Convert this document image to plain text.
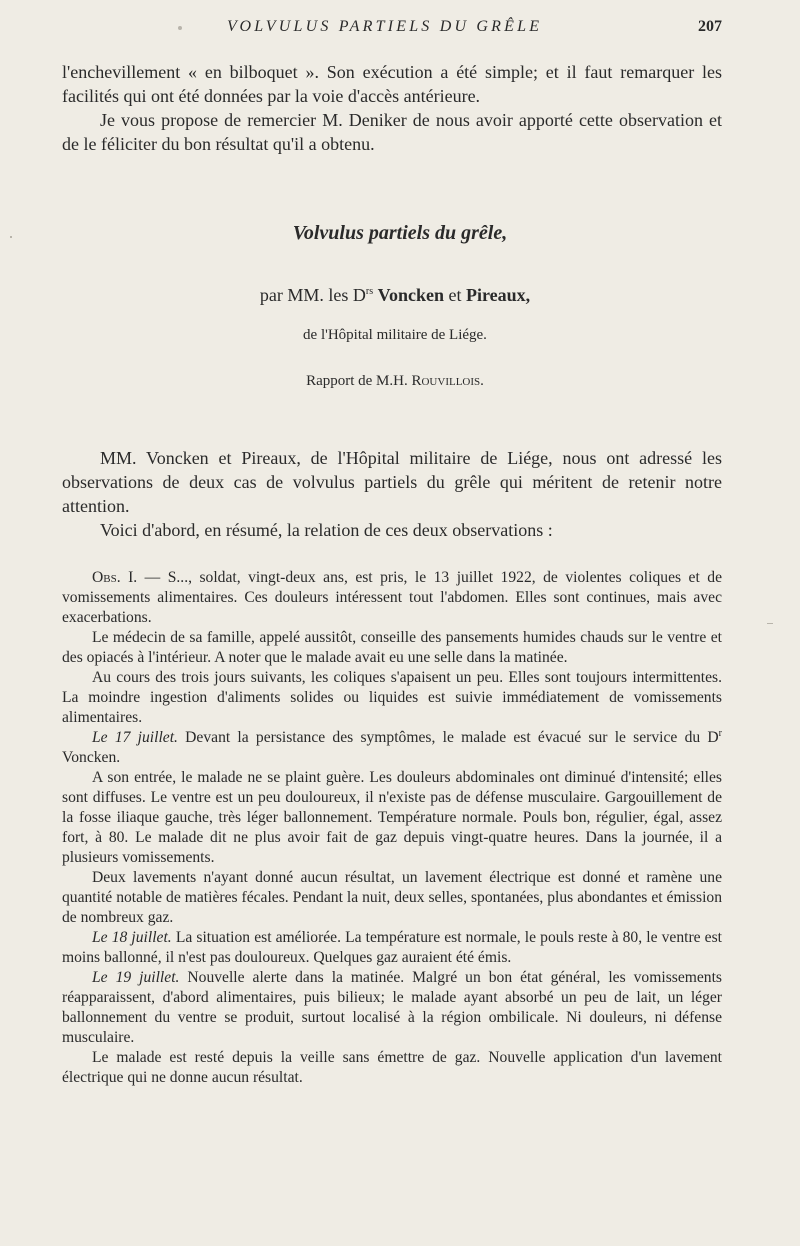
VOLVULUS PARTIELS DU GRÊLE	207

l'enchevillement « en bilboquet ». Son exécution a été simple; et il faut remarquer les facilités qui ont été données par la voie d'accès antérieure.

Je vous propose de remercier M. Deniker de nous avoir apporté cette observation et de le féliciter du bon résultat qu'il a obtenu.

Volvulus partiels du grêle,
par MM. les $D^{rs}$ Voncken et Pireaux,
de l'Hôpital militaire de Liége.
Rapport de M.H. Rouvillois.

MM. Voncken et Pireaux, de l'Hôpital militaire de Liége, nous ont adressé les observations de deux cas de volvulus partiels du grêle qui méritent de retenir notre attention.

Voici d'abord, en résumé, la relation de ces deux observations :

Obs. I. — S..., soldat, vingt-deux ans, est pris, le 13 juillet 1922, de violentes coliques et de vomissements alimentaires. Ces douleurs intéressent tout l'abdomen. Elles sont continues, mais avec exacerbations.

Le médecin de sa famille, appelé aussitôt, conseille des pansements humides chauds sur le ventre et des opiacés à l'intérieur. A noter que le malade avait eu une selle dans la matinée.

Au cours des trois jours suivants, les coliques s'apaisent un peu. Elles sont toujours intermittentes. La moindre ingestion d'aliments solides ou liquides est suivie immédiatement de vomissements alimentaires.

Le 17 juillet. Devant la persistance des symptômes, le malade est évacué sur le service du $D^r$ Voncken.

A son entrée, le malade ne se plaint guère. Les douleurs abdominales ont diminué d'intensité; elles sont diffuses. Le ventre est un peu douloureux, il n'existe pas de défense musculaire. Gargouillement de la fosse iliaque gauche, très léger ballonnement. Température normale. Pouls bon, régulier, égal, assez fort, à 80. Le malade dit ne plus avoir fait de gaz depuis vingt-quatre heures. Dans la journée, il a plusieurs vomissements.

Deux lavements n'ayant donné aucun résultat, un lavement électrique est donné et ramène une quantité notable de matières fécales. Pendant la nuit, deux selles, spontanées, plus abondantes et émission de nombreux gaz.

Le 18 juillet. La situation est améliorée. La température est normale, le pouls reste à 80, le ventre est moins ballonné, il n'est pas douloureux. Quelques gaz auraient été émis.

Le 19 juillet. Nouvelle alerte dans la matinée. Malgré un bon état général, les vomissements réapparaissent, d'abord alimentaires, puis bilieux; le malade ayant absorbé un peu de lait, un léger ballonnement du ventre se produit, surtout localisé à la région ombilicale. Ni douleurs, ni défense musculaire.

Le malade est resté depuis la veille sans émettre de gaz. Nouvelle application d'un lavement électrique qui ne donne aucun résultat.
